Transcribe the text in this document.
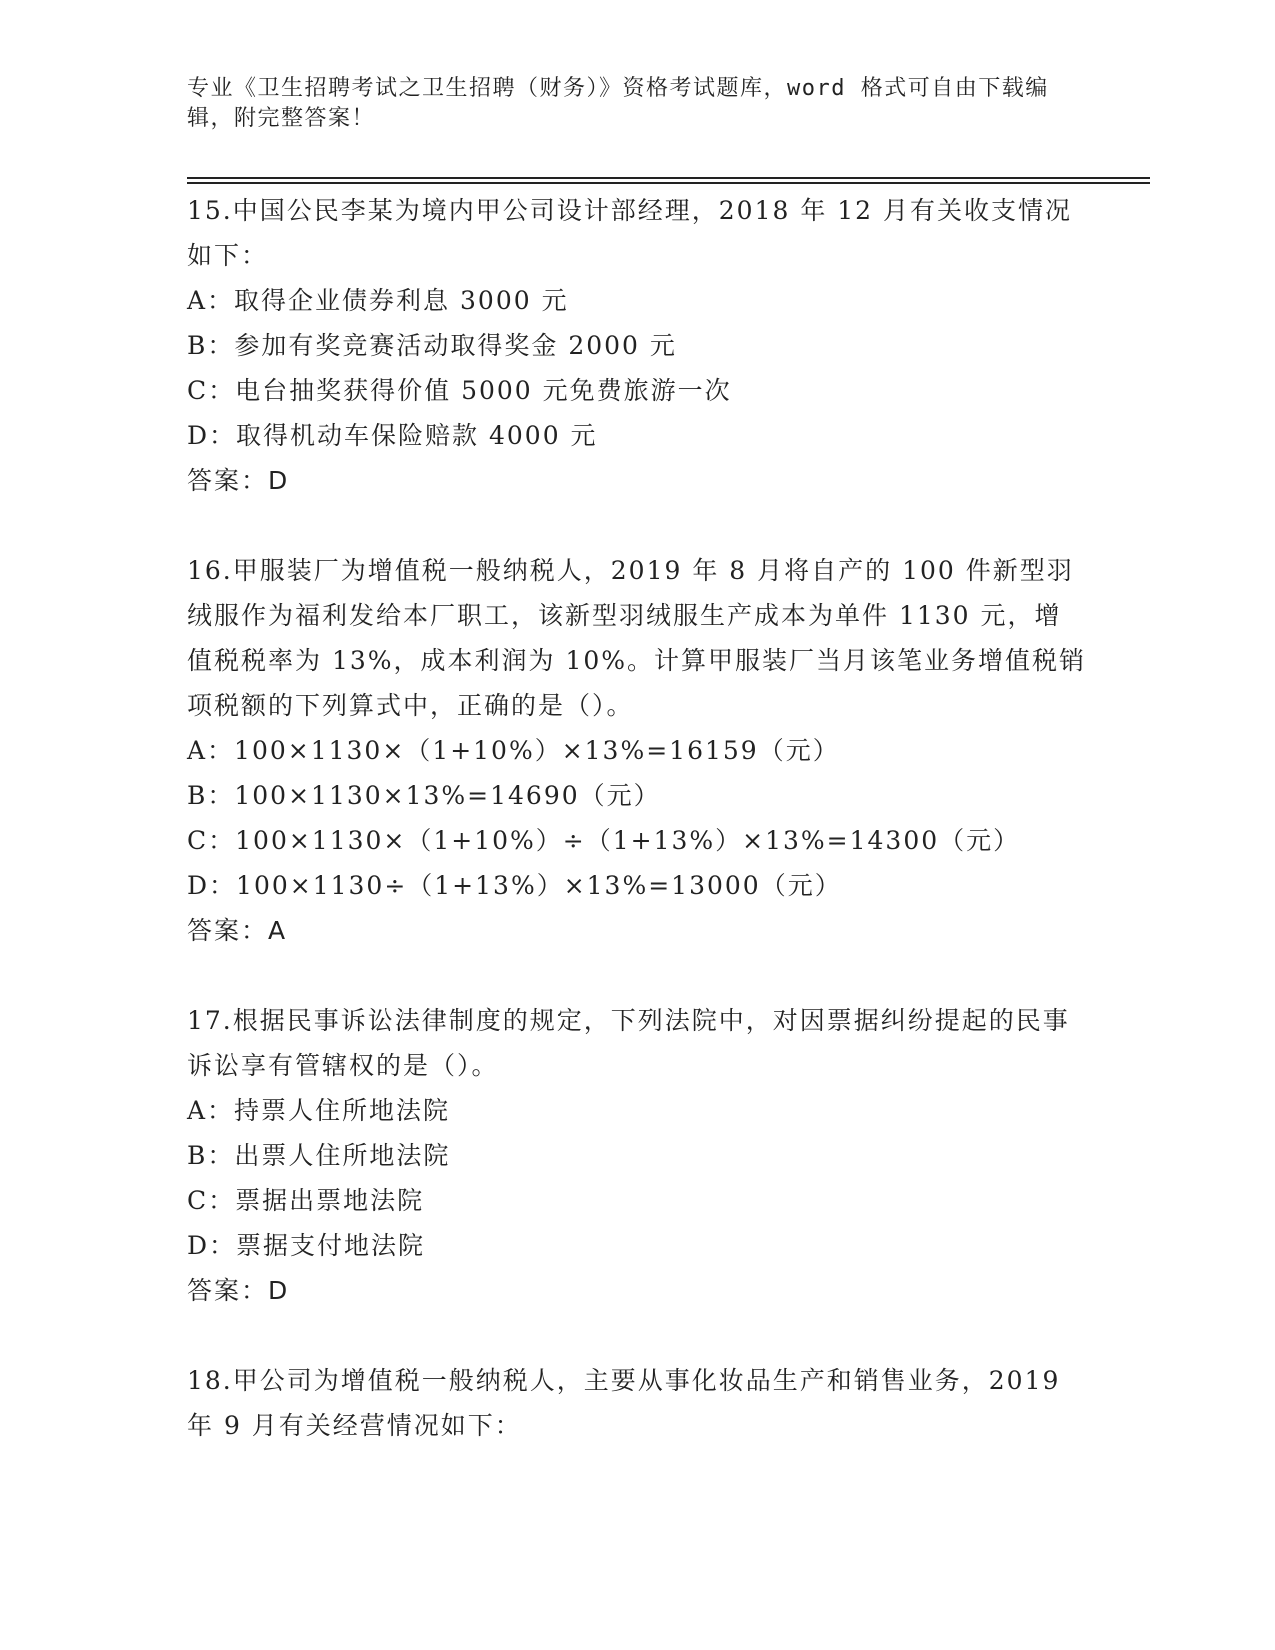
专业《卫生招聘考试之卫生招聘（财务）》资格考试题库，word 格式可自由下载编辑，附完整答案！

15.中国公民李某为境内甲公司设计部经理，2018 年 12 月有关收支情况如下：

A：取得企业债券利息 3000 元

B：参加有奖竞赛活动取得奖金 2000 元

C：电台抽奖获得价值 5000 元免费旅游一次

D：取得机动车保险赔款 4000 元

答案：D

16.甲服装厂为增值税一般纳税人，2019 年 8 月将自产的 100 件新型羽绒服作为福利发给本厂职工，该新型羽绒服生产成本为单件 1130 元，增值税税率为 13%，成本利润为 10%。计算甲服装厂当月该笔业务增值税销项税额的下列算式中，正确的是（）。

A：100×1130×（1+10%）×13%=16159（元）

B：100×1130×13%=14690（元）

C：100×1130×（1+10%）÷（1+13%）×13%=14300（元）

D：100×1130÷（1+13%）×13%=13000（元）

答案：A

17.根据民事诉讼法律制度的规定，下列法院中，对因票据纠纷提起的民事诉讼享有管辖权的是（）。

A：持票人住所地法院

B：出票人住所地法院

C：票据出票地法院

D：票据支付地法院

答案：D

18.甲公司为增值税一般纳税人，主要从事化妆品生产和销售业务，2019 年 9 月有关经营情况如下：
